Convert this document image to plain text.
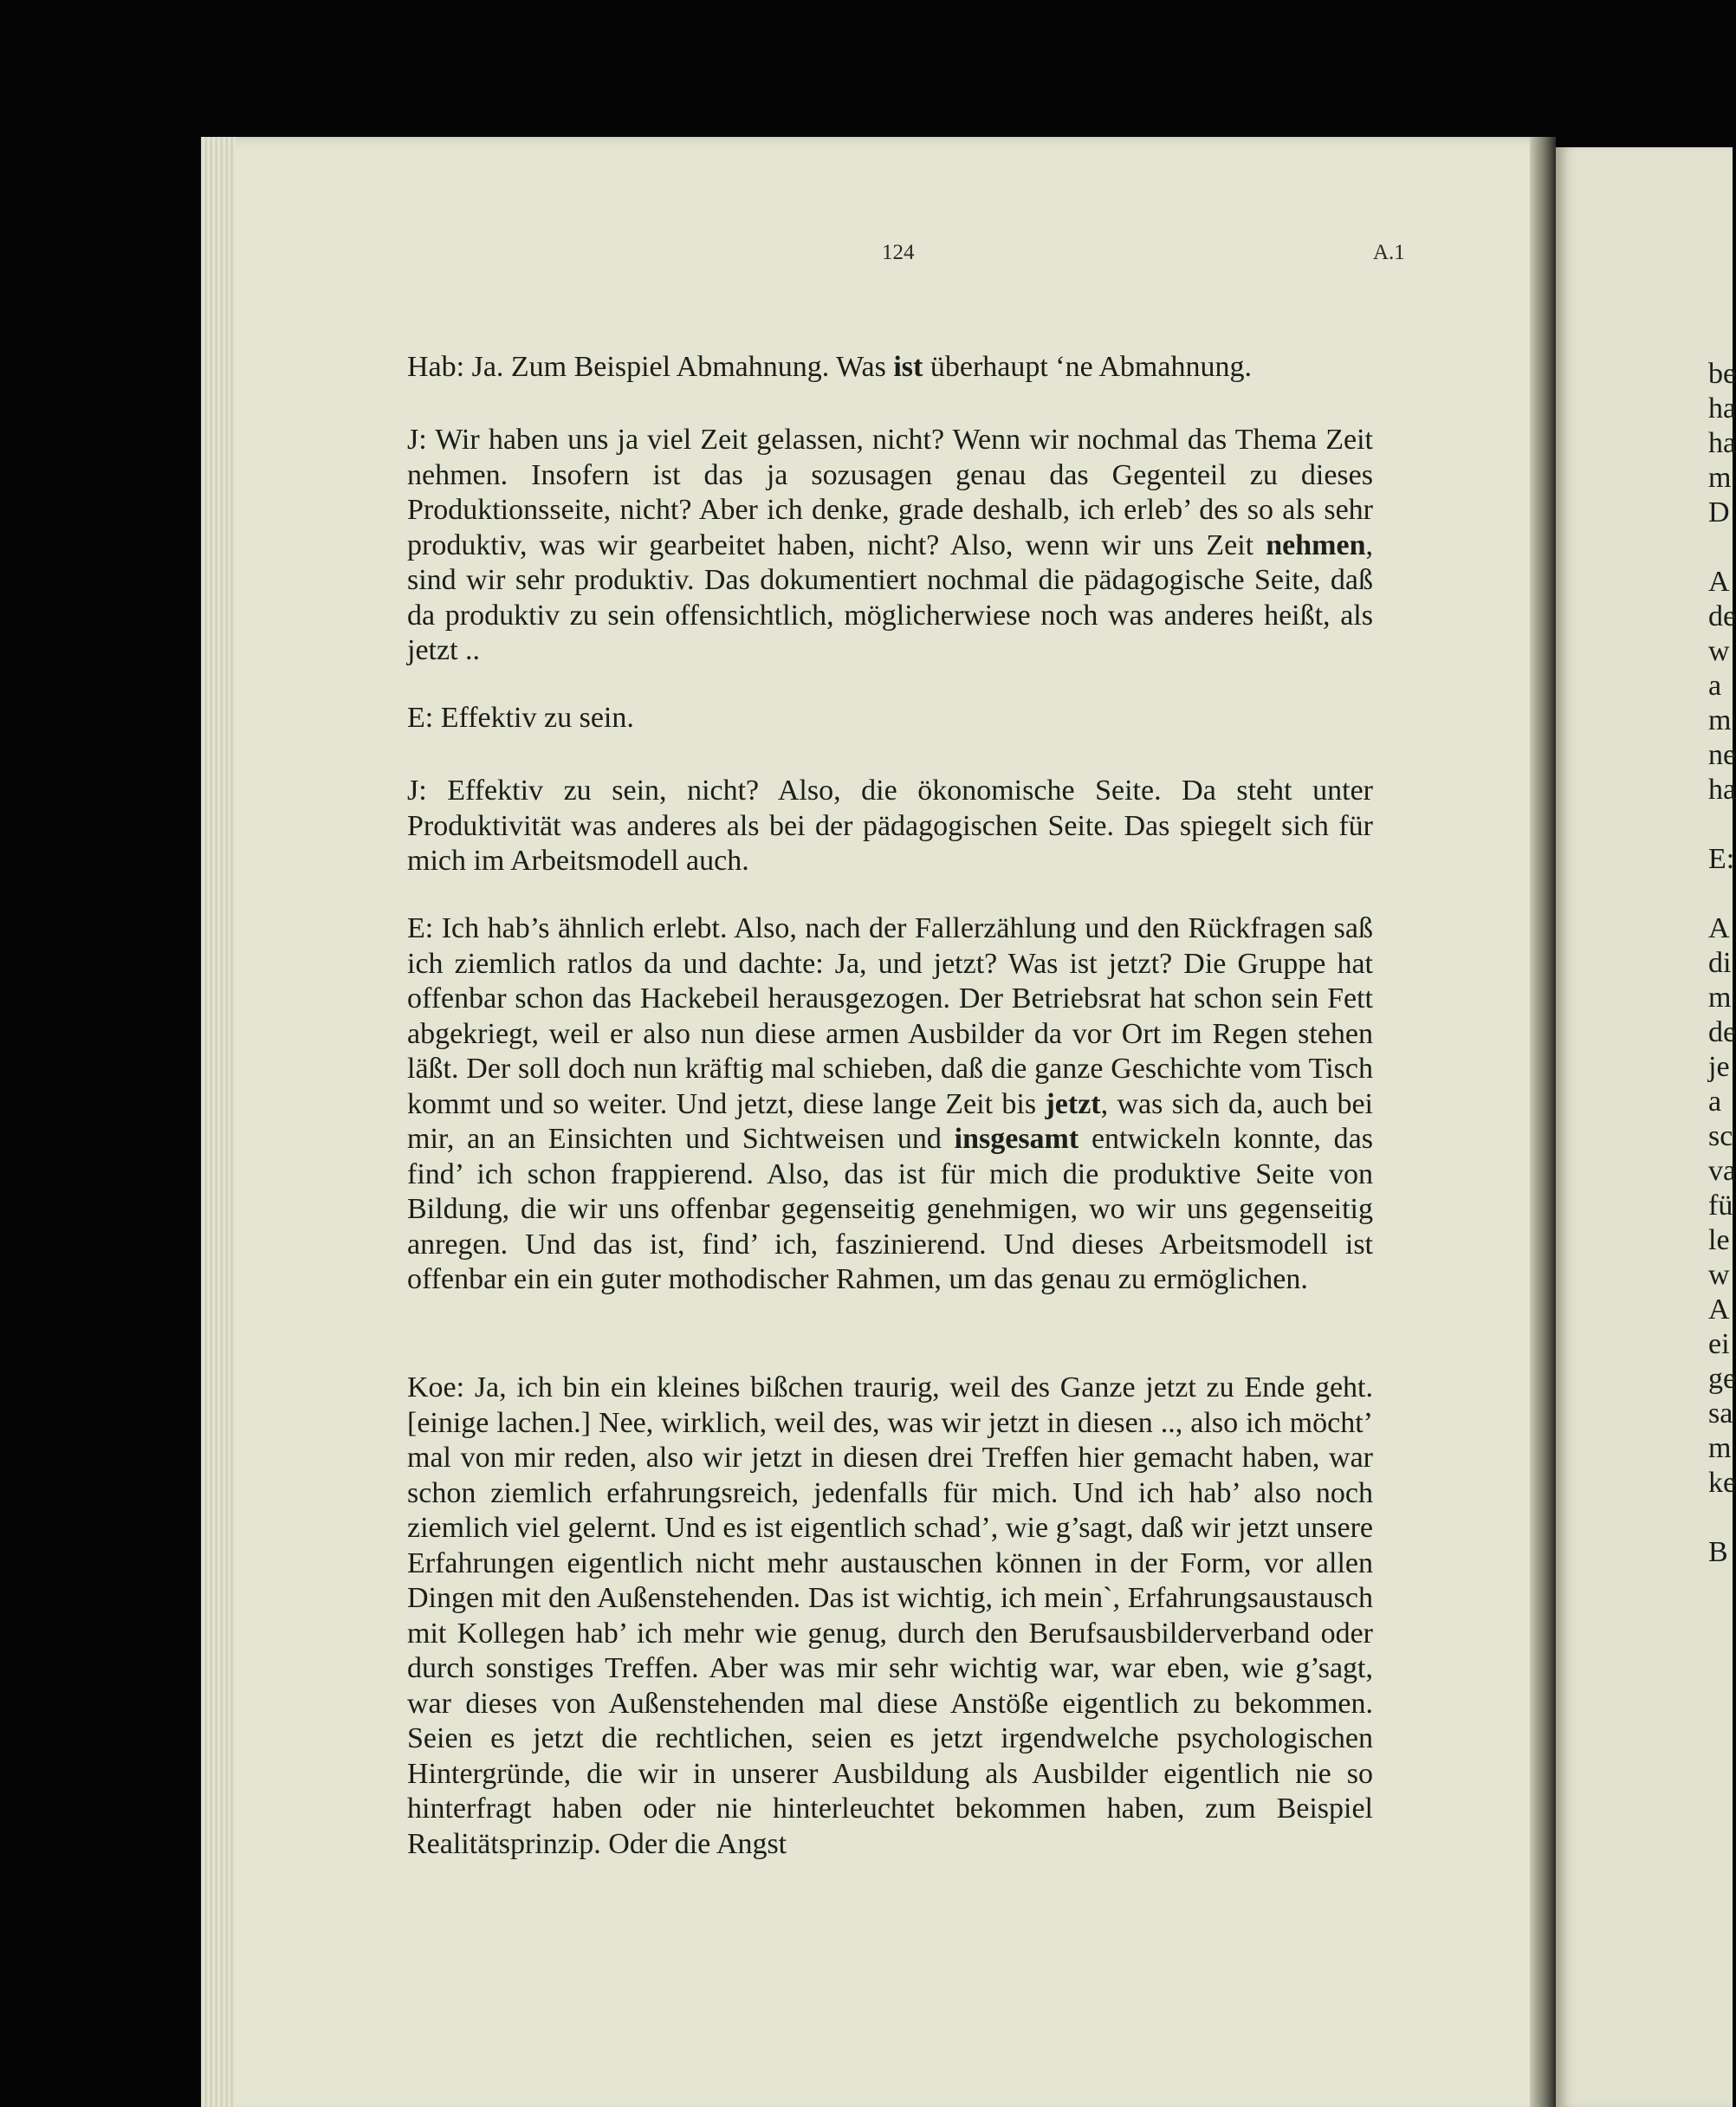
124	A.1

Hab: Ja. Zum Beispiel Abmahnung. Was ist überhaupt ‘ne Abmahnung.

J: Wir haben uns ja viel Zeit gelassen, nicht? Wenn wir nochmal das Thema Zeit nehmen. Insofern ist das ja sozusagen genau das Gegenteil zu dieses Produktionsseite, nicht? Aber ich denke, grade deshalb, ich erleb’ des so als sehr produktiv, was wir gearbeitet haben, nicht? Also, wenn wir uns Zeit nehmen, sind wir sehr produktiv. Das dokumentiert nochmal die pädagogische Seite, daß da produktiv zu sein offensichtlich, möglicherwiese noch was anderes heißt, als jetzt ..

E: Effektiv zu sein.

J: Effektiv zu sein, nicht? Also, die ökonomische Seite. Da steht unter Produktivität was anderes als bei der pädagogischen Seite. Das spiegelt sich für mich im Arbeitsmodell auch.

E: Ich hab’s ähnlich erlebt. Also, nach der Fallerzählung und den Rückfragen saß ich ziemlich ratlos da und dachte: Ja, und jetzt? Was ist jetzt? Die Gruppe hat offenbar schon das Hackebeil herausgezogen. Der Betriebsrat hat schon sein Fett abgekriegt, weil er also nun diese armen Ausbilder da vor Ort im Regen stehen läßt. Der soll doch nun kräftig mal schieben, daß die ganze Geschichte vom Tisch kommt und so weiter. Und jetzt, diese lange Zeit bis jetzt, was sich da, auch bei mir, an an Einsichten und Sichtweisen und insgesamt entwickeln konnte, das find’ ich schon frappierend. Also, das ist für mich die produktive Seite von Bildung, die wir uns offenbar gegenseitig genehmigen, wo wir uns gegenseitig anregen. Und das ist, find’ ich, faszinierend. Und dieses Arbeitsmodell ist offenbar ein ein guter mothodischer Rahmen, um das genau zu ermöglichen.

Koe: Ja, ich bin ein kleines bißchen traurig, weil des Ganze jetzt zu Ende geht. [einige lachen.] Nee, wirklich, weil des, was wir jetzt in diesen .., also ich möcht’ mal von mir reden, also wir jetzt in diesen drei Treffen hier gemacht haben, war schon ziemlich erfahrungsreich, jedenfalls für mich. Und ich hab’ also noch ziemlich viel gelernt. Und es ist eigentlich schad’, wie g’sagt, daß wir jetzt unsere Erfahrungen eigentlich nicht mehr austauschen können in der Form, vor allen Dingen mit den Außenstehenden. Das ist wichtig, ich mein`, Erfahrungsaustausch mit Kollegen hab’ ich mehr wie genug, durch den Berufsausbilderverband oder durch sonstiges Treffen. Aber was mir sehr wichtig war, war eben, wie g’sagt, war dieses von Außenstehenden mal diese Anstöße eigentlich zu bekommen. Seien es jetzt die rechtlichen, seien es jetzt irgendwelche psychologischen Hintergründe, die wir in unserer Ausbildung als Ausbilder eigentlich nie so hinterfragt haben oder nie hinterleuchtet bekommen haben, zum Beispiel Realitätsprinzip. Oder die Angst

be
ha
ha
m
D
A
de
w
a
m
ne
ha
E:
A
di
m
de
je
a
sc
va
fü
le
w
A
ei
ge
sa
m
ke
B
